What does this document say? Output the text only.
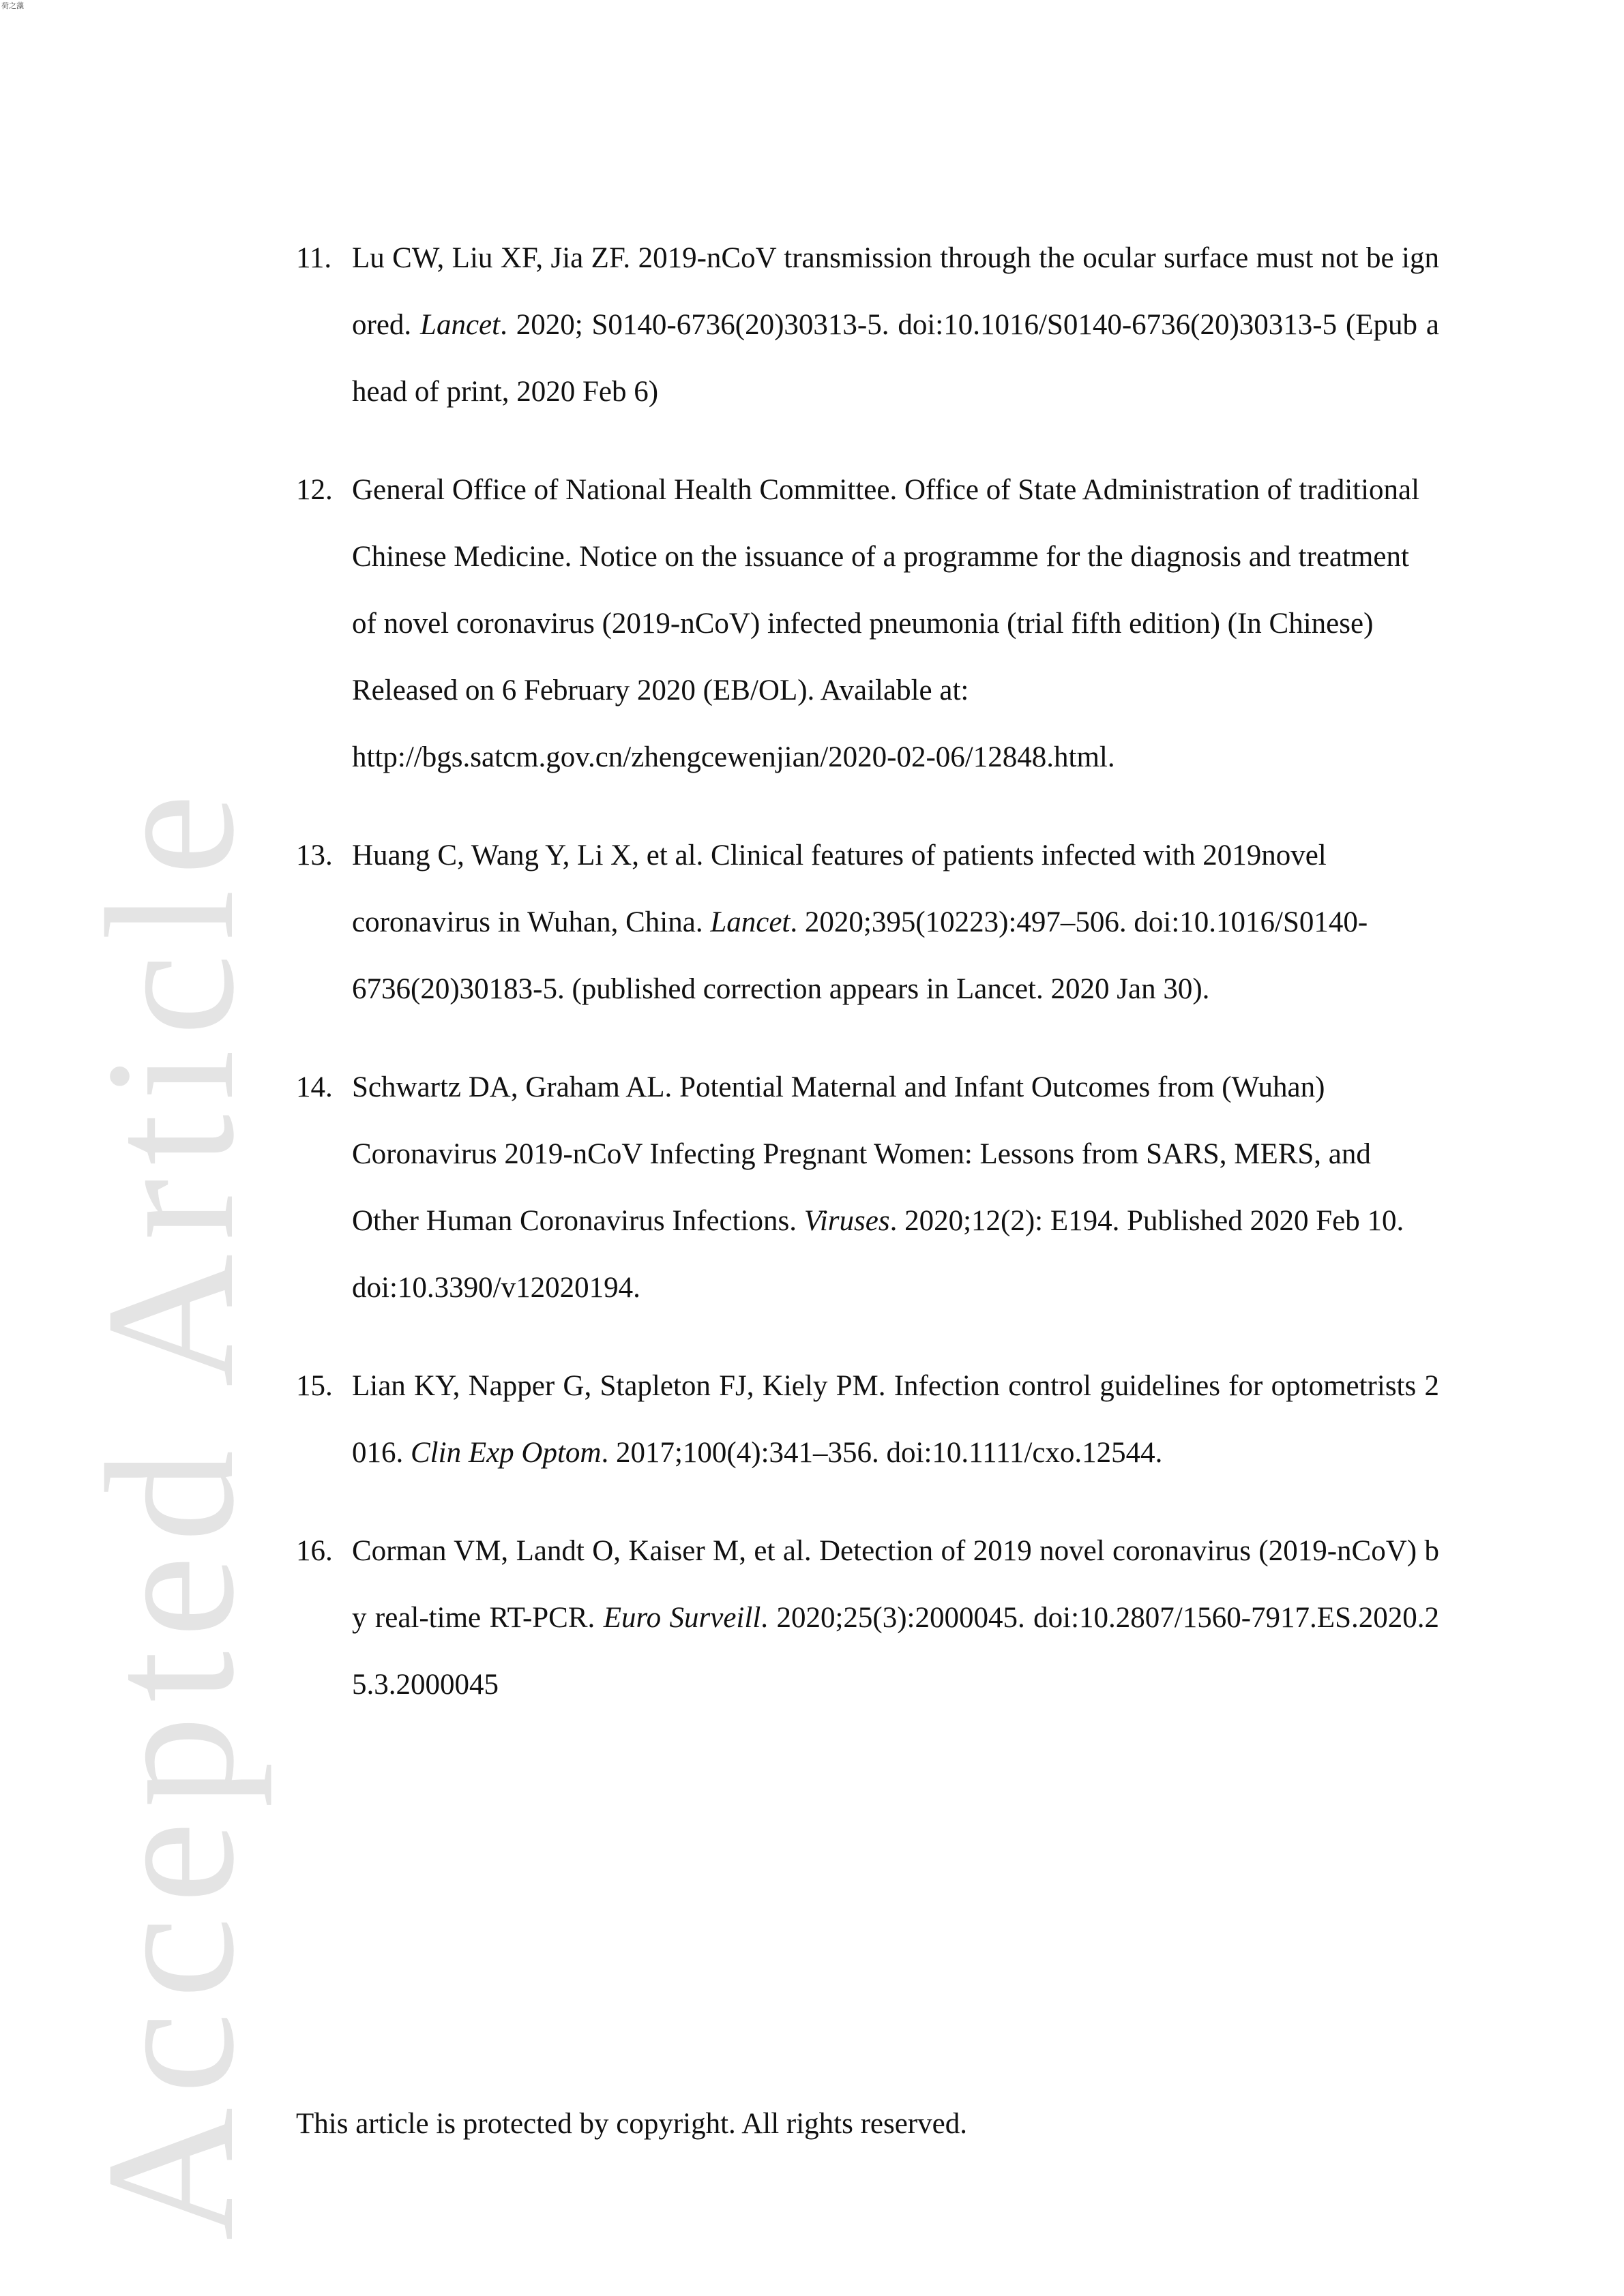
荷之藻
Accepted Article
11. Lu CW, Liu XF, Jia ZF. 2019-nCoV transmission through the ocular surface must not be ignored. Lancet. 2020; S0140-6736(20)30313-5. doi:10.1016/S0140-6736(20)30313-5 (Epub ahead of print, 2020 Feb 6)
12. General Office of National Health Committee. Office of State Administration of traditional Chinese Medicine. Notice on the issuance of a programme for the diagnosis and treatment of novel coronavirus (2019-nCoV) infected pneumonia (trial fifth edition) (In Chinese) Released on 6 February 2020 (EB/OL). Available at: http://bgs.satcm.gov.cn/zhengcewenjian/2020-02-06/12848.html.
13. Huang C, Wang Y, Li X, et al. Clinical features of patients infected with 2019novel coronavirus in Wuhan, China. Lancet. 2020;395(10223):497–506. doi:10.1016/S0140-6736(20)30183-5. (published correction appears in Lancet. 2020 Jan 30).
14. Schwartz DA, Graham AL. Potential Maternal and Infant Outcomes from (Wuhan) Coronavirus 2019-nCoV Infecting Pregnant Women: Lessons from SARS, MERS, and Other Human Coronavirus Infections. Viruses. 2020;12(2): E194. Published 2020 Feb 10. doi:10.3390/v12020194.
15. Lian KY, Napper G, Stapleton FJ, Kiely PM. Infection control guidelines for optometrists 2016. Clin Exp Optom. 2017;100(4):341–356. doi:10.1111/cxo.12544.
16. Corman VM, Landt O, Kaiser M, et al. Detection of 2019 novel coronavirus (2019-nCoV) by real-time RT-PCR. Euro Surveill. 2020;25(3):2000045. doi:10.2807/1560-7917.ES.2020.25.3.2000045
This article is protected by copyright. All rights reserved.
